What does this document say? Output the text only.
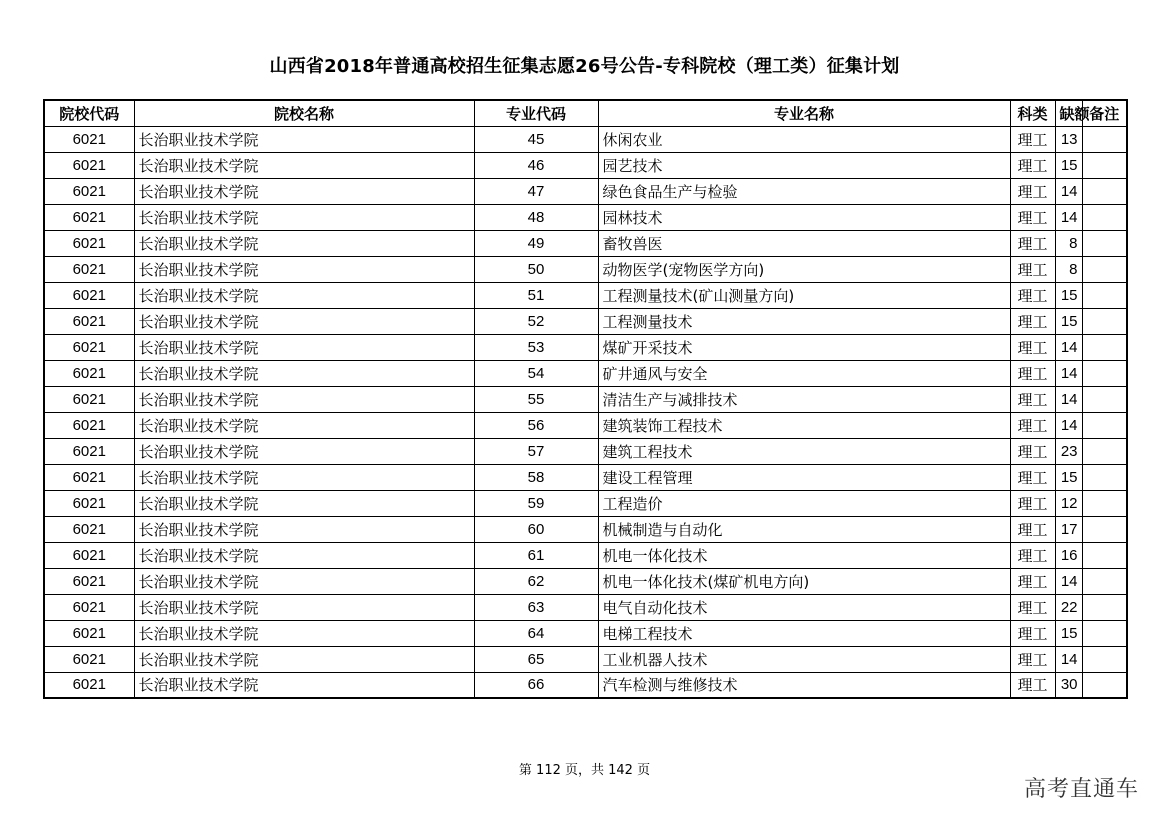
山西省2018年普通高校招生征集志愿26号公告-专科院校（理工类）征集计划
院校代码	院校名称	专业代码	专业名称	科类	缺额	备注
6021	长治职业技术学院	45	休闲农业	理工	13	
6021	长治职业技术学院	46	园艺技术	理工	15	
6021	长治职业技术学院	47	绿色食品生产与检验	理工	14	
6021	长治职业技术学院	48	园林技术	理工	14	
6021	长治职业技术学院	49	畜牧兽医	理工	8	
6021	长治职业技术学院	50	动物医学(宠物医学方向)	理工	8	
6021	长治职业技术学院	51	工程测量技术(矿山测量方向)	理工	15	
6021	长治职业技术学院	52	工程测量技术	理工	15	
6021	长治职业技术学院	53	煤矿开采技术	理工	14	
6021	长治职业技术学院	54	矿井通风与安全	理工	14	
6021	长治职业技术学院	55	清洁生产与减排技术	理工	14	
6021	长治职业技术学院	56	建筑装饰工程技术	理工	14	
6021	长治职业技术学院	57	建筑工程技术	理工	23	
6021	长治职业技术学院	58	建设工程管理	理工	15	
6021	长治职业技术学院	59	工程造价	理工	12	
6021	长治职业技术学院	60	机械制造与自动化	理工	17	
6021	长治职业技术学院	61	机电一体化技术	理工	16	
6021	长治职业技术学院	62	机电一体化技术(煤矿机电方向)	理工	14	
6021	长治职业技术学院	63	电气自动化技术	理工	22	
6021	长治职业技术学院	64	电梯工程技术	理工	15	
6021	长治职业技术学院	65	工业机器人技术	理工	14	
6021	长治职业技术学院	66	汽车检测与维修技术	理工	30	
第 112 页，共 142 页
高考直通车
